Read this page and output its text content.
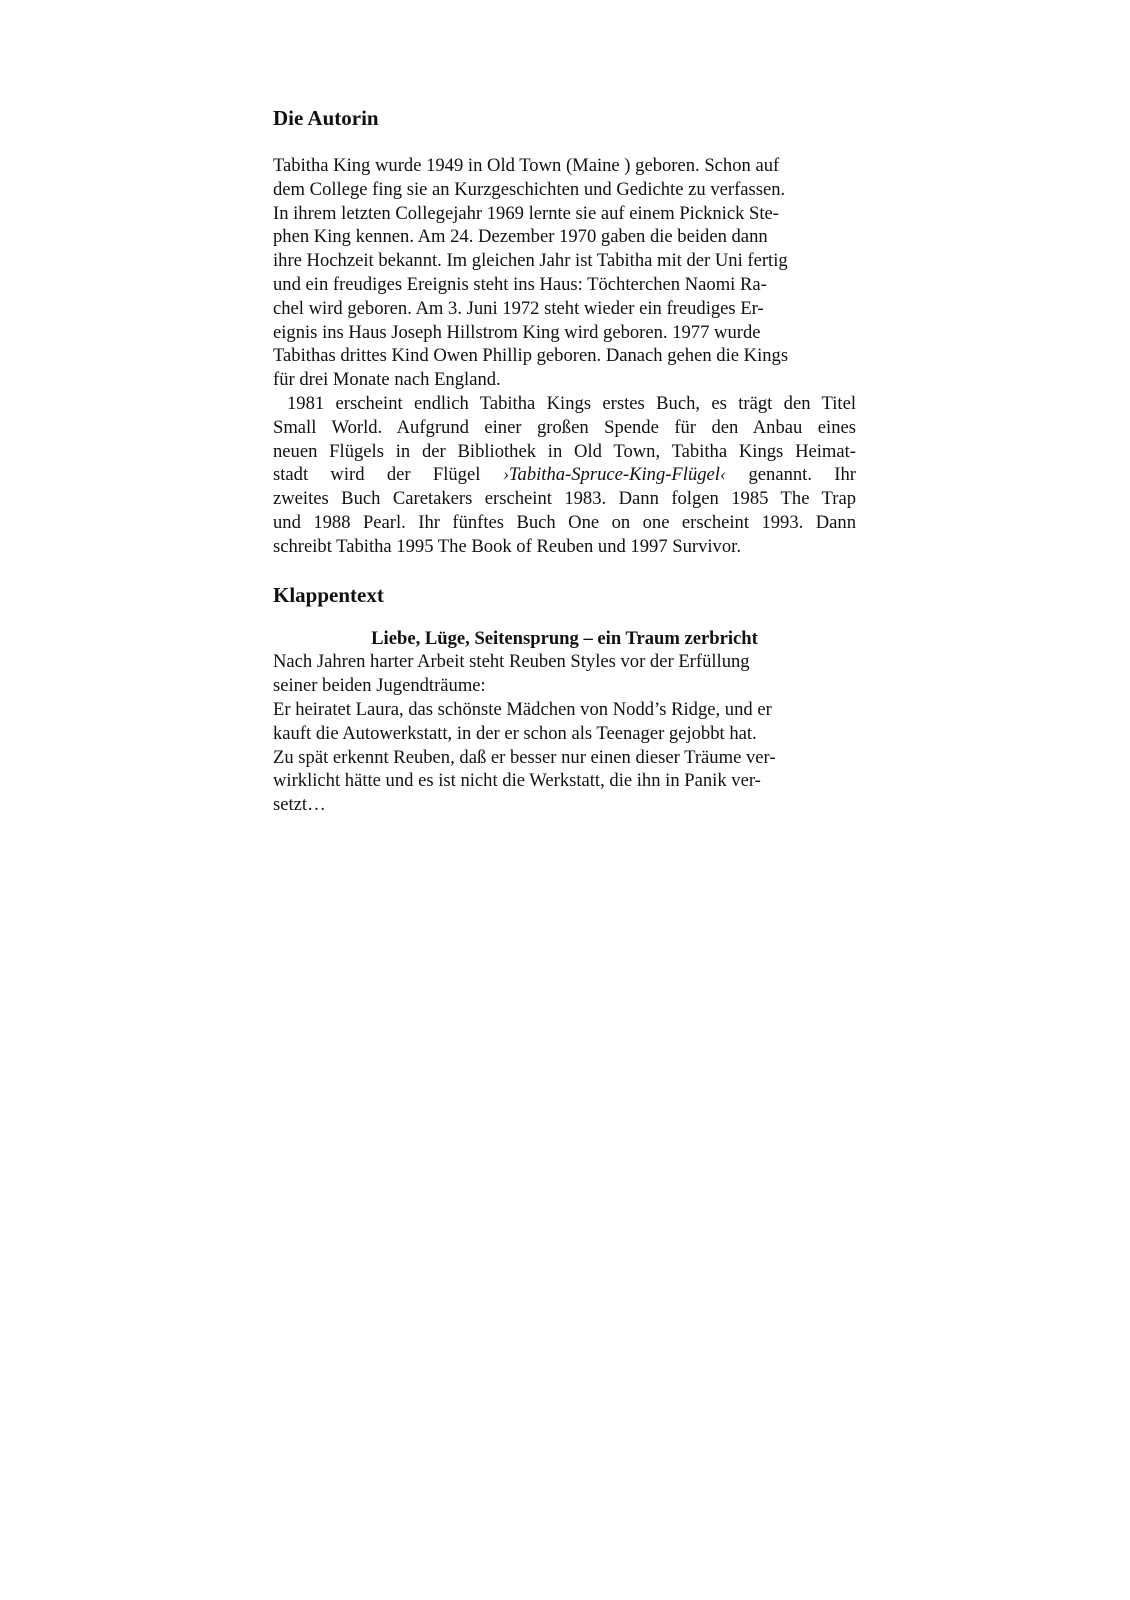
Die Autorin
Tabitha King wurde 1949 in Old Town (Maine ) geboren. Schon auf
dem College fing sie an Kurzgeschichten und Gedichte zu verfassen.
In ihrem letzten Collegejahr 1969 lernte sie auf einem Picknick Ste-
phen King kennen. Am 24. Dezember 1970 gaben die beiden dann
ihre Hochzeit bekannt. Im gleichen Jahr ist Tabitha mit der Uni fertig
und ein freudiges Ereignis steht ins Haus: Töchterchen Naomi Ra-
chel wird geboren. Am 3. Juni 1972 steht wieder ein freudiges Er-
eignis ins Haus Joseph Hillstrom King wird geboren. 1977 wurde
Tabithas drittes Kind Owen Phillip geboren. Danach gehen die Kings
für drei Monate nach England.
1981 erscheint endlich Tabitha Kings erstes Buch, es trägt den Titel
Small World. Aufgrund einer großen Spende für den Anbau eines
neuen Flügels in der Bibliothek in Old Town, Tabitha Kings Heimat-
stadt wird der Flügel ›Tabitha-Spruce-King-Flügel‹ genannt. Ihr
zweites Buch Caretakers erscheint 1983. Dann folgen 1985 The Trap
und 1988 Pearl. Ihr fünftes Buch One on one erscheint 1993. Dann
schreibt Tabitha 1995 The Book of Reuben und 1997 Survivor.
Klappentext
Liebe, Lüge, Seitensprung – ein Traum zerbricht
Nach Jahren harter Arbeit steht Reuben Styles vor der Erfüllung
seiner beiden Jugendträume:
Er heiratet Laura, das schönste Mädchen von Nodd’s Ridge, und er
kauft die Autowerkstatt, in der er schon als Teenager gejobbt hat.
Zu spät erkennt Reuben, daß er besser nur einen dieser Träume ver-
wirklicht hätte und es ist nicht die Werkstatt, die ihn in Panik ver-
setzt…
